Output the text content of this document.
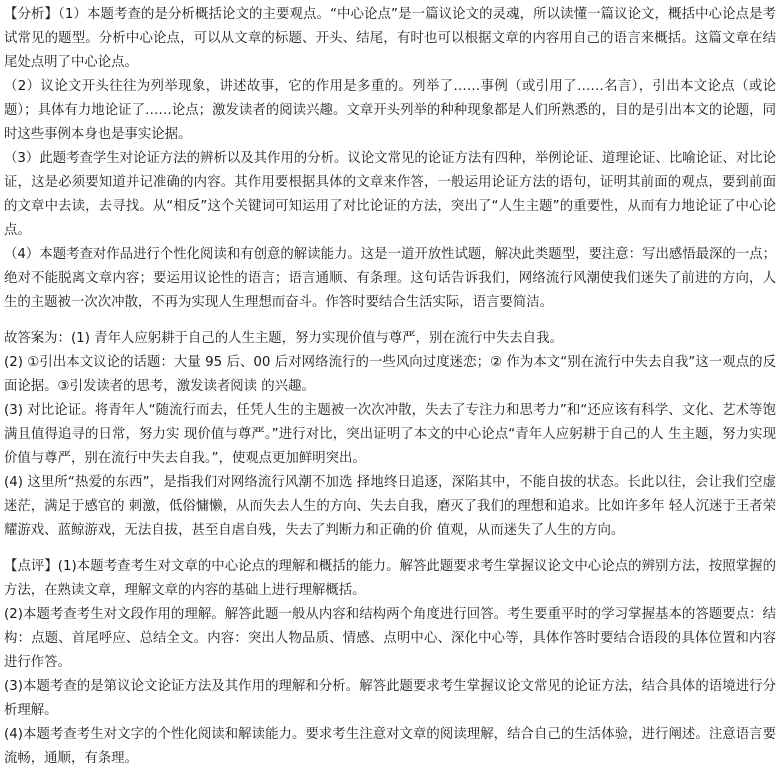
【分析】（1）本题考查的是分析概括论文的主要观点。“中心论点”是一篇议论文的灵魂，所以读懂一篇议论文，概括中心论点是考试常见的题型。分析中心论点，可以从文章的标题、开头、结尾，有时也可以根据文章的内容用自己的语言来概括。这篇文章在结尾处点明了中心论点。

（2）议论文开头往往为列举现象，讲述故事，它的作用是多重的。列举了……事例（或引用了……名言），引出本文论点（或论题）；具体有力地论证了……论点；激发读者的阅读兴趣。文章开头列举的种种现象都是人们所熟悉的，目的是引出本文的论题，同时这些事例本身也是事实论据。

（3）此题考查学生对论证方法的辨析以及其作用的分析。议论文常见的论证方法有四种，举例论证、道理论证、比喻论证、对比论证，这是必须要知道并记准确的内容。其作用要根据具体的文章来作答，一般运用论证方法的语句，证明其前面的观点，要到前面的文章中去读，去寻找。从“相反”这个关键词可知运用了对比论证的方法，突出了“人生主题”的重要性，从而有力地论证了中心论点。

（4）本题考查对作品进行个性化阅读和有创意的解读能力。这是一道开放性试题，解决此类题型，要注意：写出感悟最深的一点；绝对不能脱离文章内容；要运用议论性的语言；语言通顺、有条理。这句话告诉我们，网络流行风潮使我们迷失了前进的方向，人生的主题被一次次冲散，不再为实现人生理想而奋斗。作答时要结合生活实际，语言要简洁。

故答案为：(1) 青年人应躬耕于自己的人生主题，努力实现价值与尊严，别在流行中失去自我。

(2) ①引出本文议论的话题：大量 95 后、00 后对网络流行的一些风向过度迷恋；② 作为本文“别在流行中失去自我”这一观点的反面论据。③引发读者的思考，激发读者阅读 的兴趣。

(3) 对比论证。将青年人“随流行而去，任凭人生的主题被一次次冲散，失去了专注力和思考力”和“还应该有科学、文化、艺术等饱满且值得追寻的日常，努力实 现价值与尊严。”进行对比，突出证明了本文的中心论点“青年人应躬耕于自己的人 生主题，努力实现价值与尊严，别在流行中失去自我。”，使观点更加鲜明突出。

(4) 这里所“热爱的东西”，是指我们对网络流行风潮不加选 择地终日追逐，深陷其中，不能自拔的状态。长此以往，会让我们空虚迷茫，满足于感官的 刺激，低俗慵懒，从而失去人生的方向、失去自我，磨灭了我们的理想和追求。比如许多年 轻人沉迷于王者荣耀游戏、蓝鲸游戏，无法自拔，甚至自虐自残，失去了判断力和正确的价 值观，从而迷失了人生的方向。

【点评】(1)本题考查考生对文章的中心论点的理解和概括的能力。解答此题要求考生掌握议论文中心论点的辨别方法，按照掌握的方法，在熟读文章，理解文章的内容的基础上进行理解概括。

(2)本题考查考生对文段作用的理解。解答此题一般从内容和结构两个角度进行回答。考生要重平时的学习掌握基本的答题要点：结构：点题、首尾呼应、总结全文。内容：突出人物品质、情感、点明中心、深化中心等，具体作答时要结合语段的具体位置和内容进行作答。

(3)本题考查的是第议论文论证方法及其作用的理解和分析。解答此题要求考生掌握议论文常见的论证方法，结合具体的语境进行分析理解。

(4)本题考查考生对文字的个性化阅读和解读能力。要求考生注意对文章的阅读理解，结合自己的生活体验，进行阐述。注意语言要流畅，通顺，有条理。
